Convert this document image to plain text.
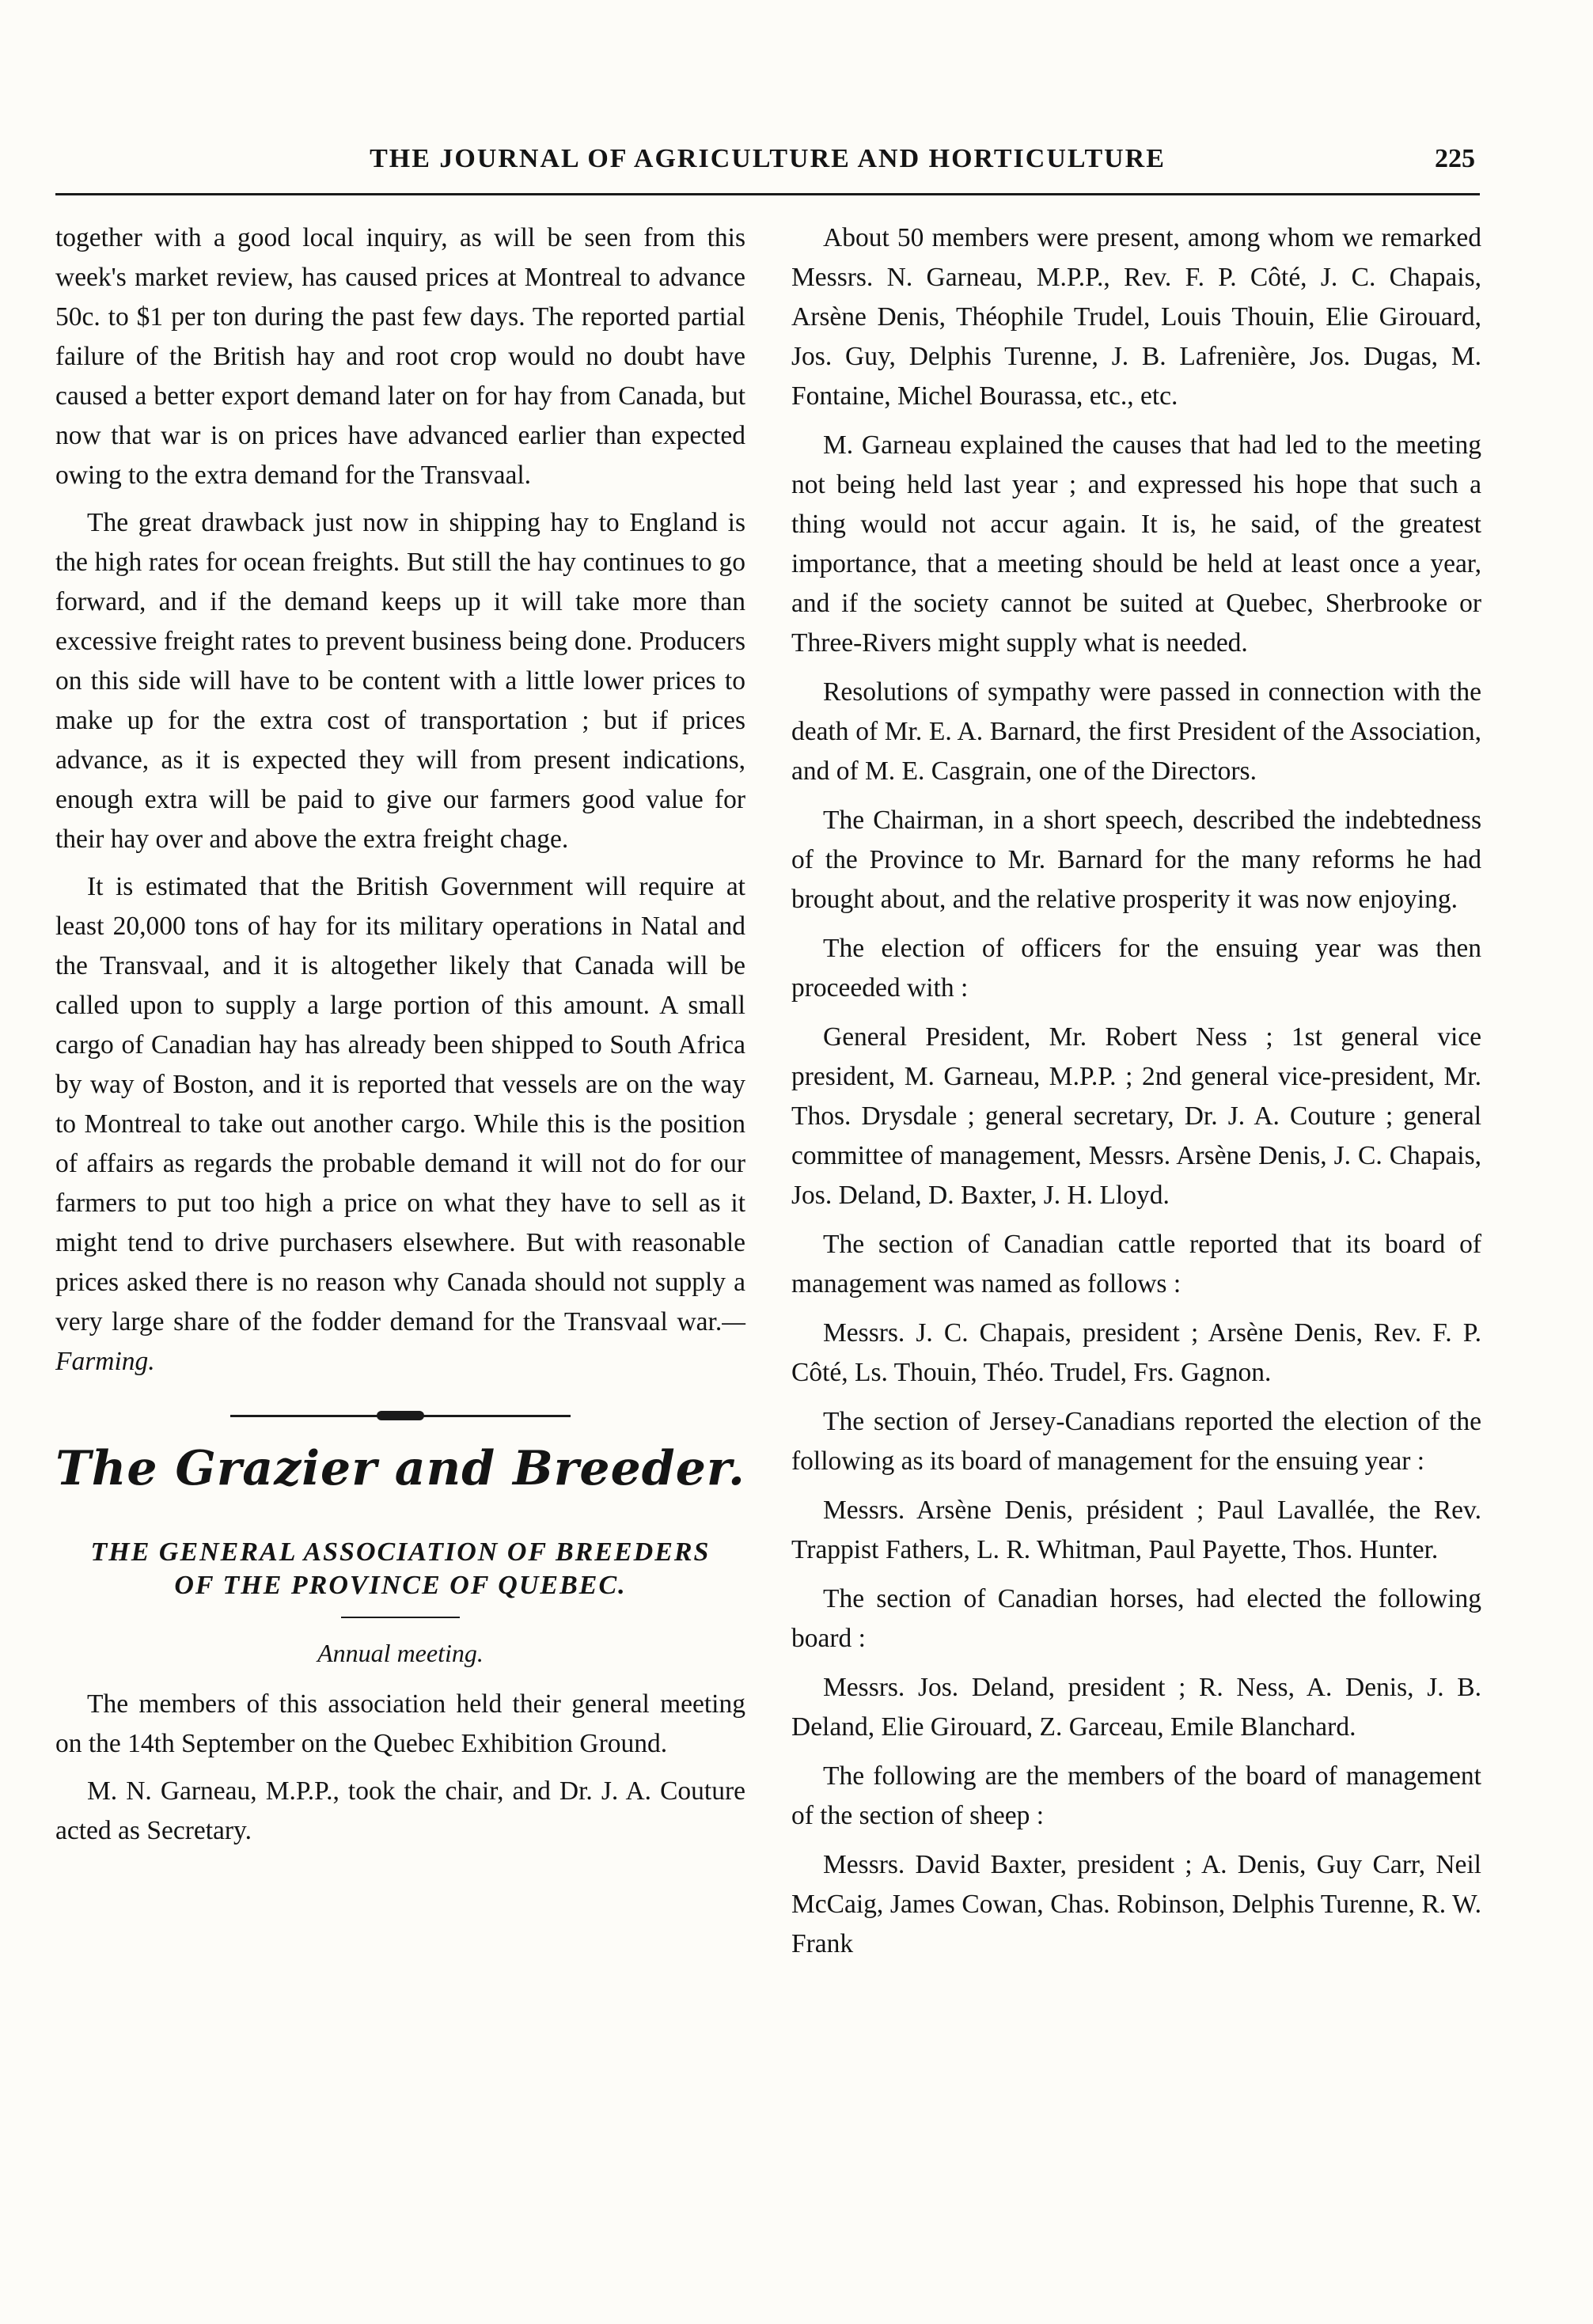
THE JOURNAL OF AGRICULTURE AND HORTICULTURE	225

together with a good local inquiry, as will be seen from this week's market review, has caused prices at Montreal to advance 50c. to $1 per ton during the past few days. The reported partial failure of the British hay and root crop would no doubt have caused a better export demand later on for hay from Canada, but now that war is on prices have advanced earlier than expected owing to the extra demand for the Transvaal.

The great drawback just now in shipping hay to England is the high rates for ocean freights. But still the hay continues to go forward, and if the demand keeps up it will take more than excessive freight rates to prevent business being done. Producers on this side will have to be content with a little lower prices to make up for the extra cost of transportation ; but if prices advance, as it is expected they will from present indications, enough extra will be paid to give our farmers good value for their hay over and above the extra freight chage.

It is estimated that the British Government will require at least 20,000 tons of hay for its military operations in Natal and the Transvaal, and it is altogether likely that Canada will be called upon to supply a large portion of this amount. A small cargo of Canadian hay has already been shipped to South Africa by way of Boston, and it is reported that vessels are on the way to Montreal to take out another cargo. While this is the position of affairs as regards the probable demand it will not do for our farmers to put too high a price on what they have to sell as it might tend to drive purchasers elsewhere. But with reasonable prices asked there is no reason why Canada should not supply a very large share of the fodder demand for the Transvaal war.—Farming.

The Grazier and Breeder.
THE GENERAL ASSOCIATION OF BREEDERS OF THE PROVINCE OF QUEBEC.
Annual meeting.

The members of this association held their general meeting on the 14th September on the Quebec Exhibition Ground.

M. N. Garneau, M.P.P., took the chair, and Dr. J. A. Couture acted as Secretary.

About 50 members were present, among whom we remarked Messrs. N. Garneau, M.P.P., Rev. F. P. Côté, J. C. Chapais, Arsène Denis, Théophile Trudel, Louis Thouin, Elie Girouard, Jos. Guy, Delphis Turenne, J. B. Lafrenière, Jos. Dugas, M. Fontaine, Michel Bourassa, etc., etc.

M. Garneau explained the causes that had led to the meeting not being held last year ; and expressed his hope that such a thing would not accur again. It is, he said, of the greatest importance, that a meeting should be held at least once a year, and if the society cannot be suited at Quebec, Sherbrooke or Three-Rivers might supply what is needed.

Resolutions of sympathy were passed in connection with the death of Mr. E. A. Barnard, the first President of the Association, and of M. E. Casgrain, one of the Directors.

The Chairman, in a short speech, described the indebtedness of the Province to Mr. Barnard for the many reforms he had brought about, and the relative prosperity it was now enjoying.

The election of officers for the ensuing year was then proceeded with :

General President, Mr. Robert Ness ; 1st general vice president, M. Garneau, M.P.P. ; 2nd general vice-president, Mr. Thos. Drysdale ; general secretary, Dr. J. A. Couture ; general committee of management, Messrs. Arsène Denis, J. C. Chapais, Jos. Deland, D. Baxter, J. H. Lloyd.

The section of Canadian cattle reported that its board of management was named as follows :

Messrs. J. C. Chapais, president ; Arsène Denis, Rev. F. P. Côté, Ls. Thouin, Théo. Trudel, Frs. Gagnon.

The section of Jersey-Canadians reported the election of the following as its board of management for the ensuing year :

Messrs. Arsène Denis, président ; Paul Lavallée, the Rev. Trappist Fathers, L. R. Whitman, Paul Payette, Thos. Hunter.

The section of Canadian horses, had elected the following board :

Messrs. Jos. Deland, president ; R. Ness, A. Denis, J. B. Deland, Elie Girouard, Z. Garceau, Emile Blanchard.

The following are the members of the board of management of the section of sheep :

Messrs. David Baxter, president ; A. Denis, Guy Carr, Neil McCaig, James Cowan, Chas. Robinson, Delphis Turenne, R. W. Frank
